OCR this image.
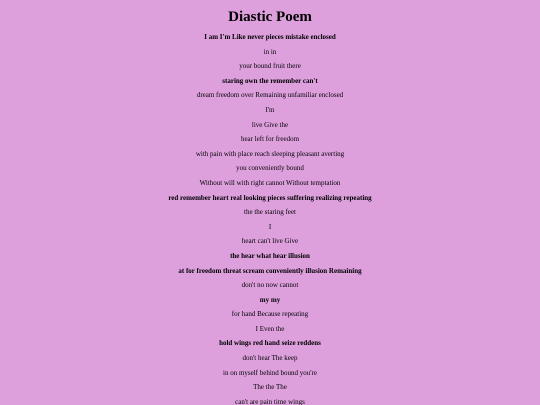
Diastic Poem
I am I'm Like never pieces mistake enclosed
in in
your bound fruit there
staring own the remember can't
dream freedom over Remaining unfamiliar enclosed
I'm
live Give the
hear left for freedom
with pain with place reach sleeping pleasant averting
you conveniently bound
Without will with right cannot Without temptation
red remember heart real looking pieces suffering realizing repeating
the the staring feet
I
heart can't live Give
the hear what hear illusion
at for freedom threat scream conveniently illusion Remaining
don't no now cannot
my my
for hand Because repeating
I Even the
hold wings red hand seize reddens
don't hear The keep
in on myself behind bound you're
The the The
can't are pain time wings
